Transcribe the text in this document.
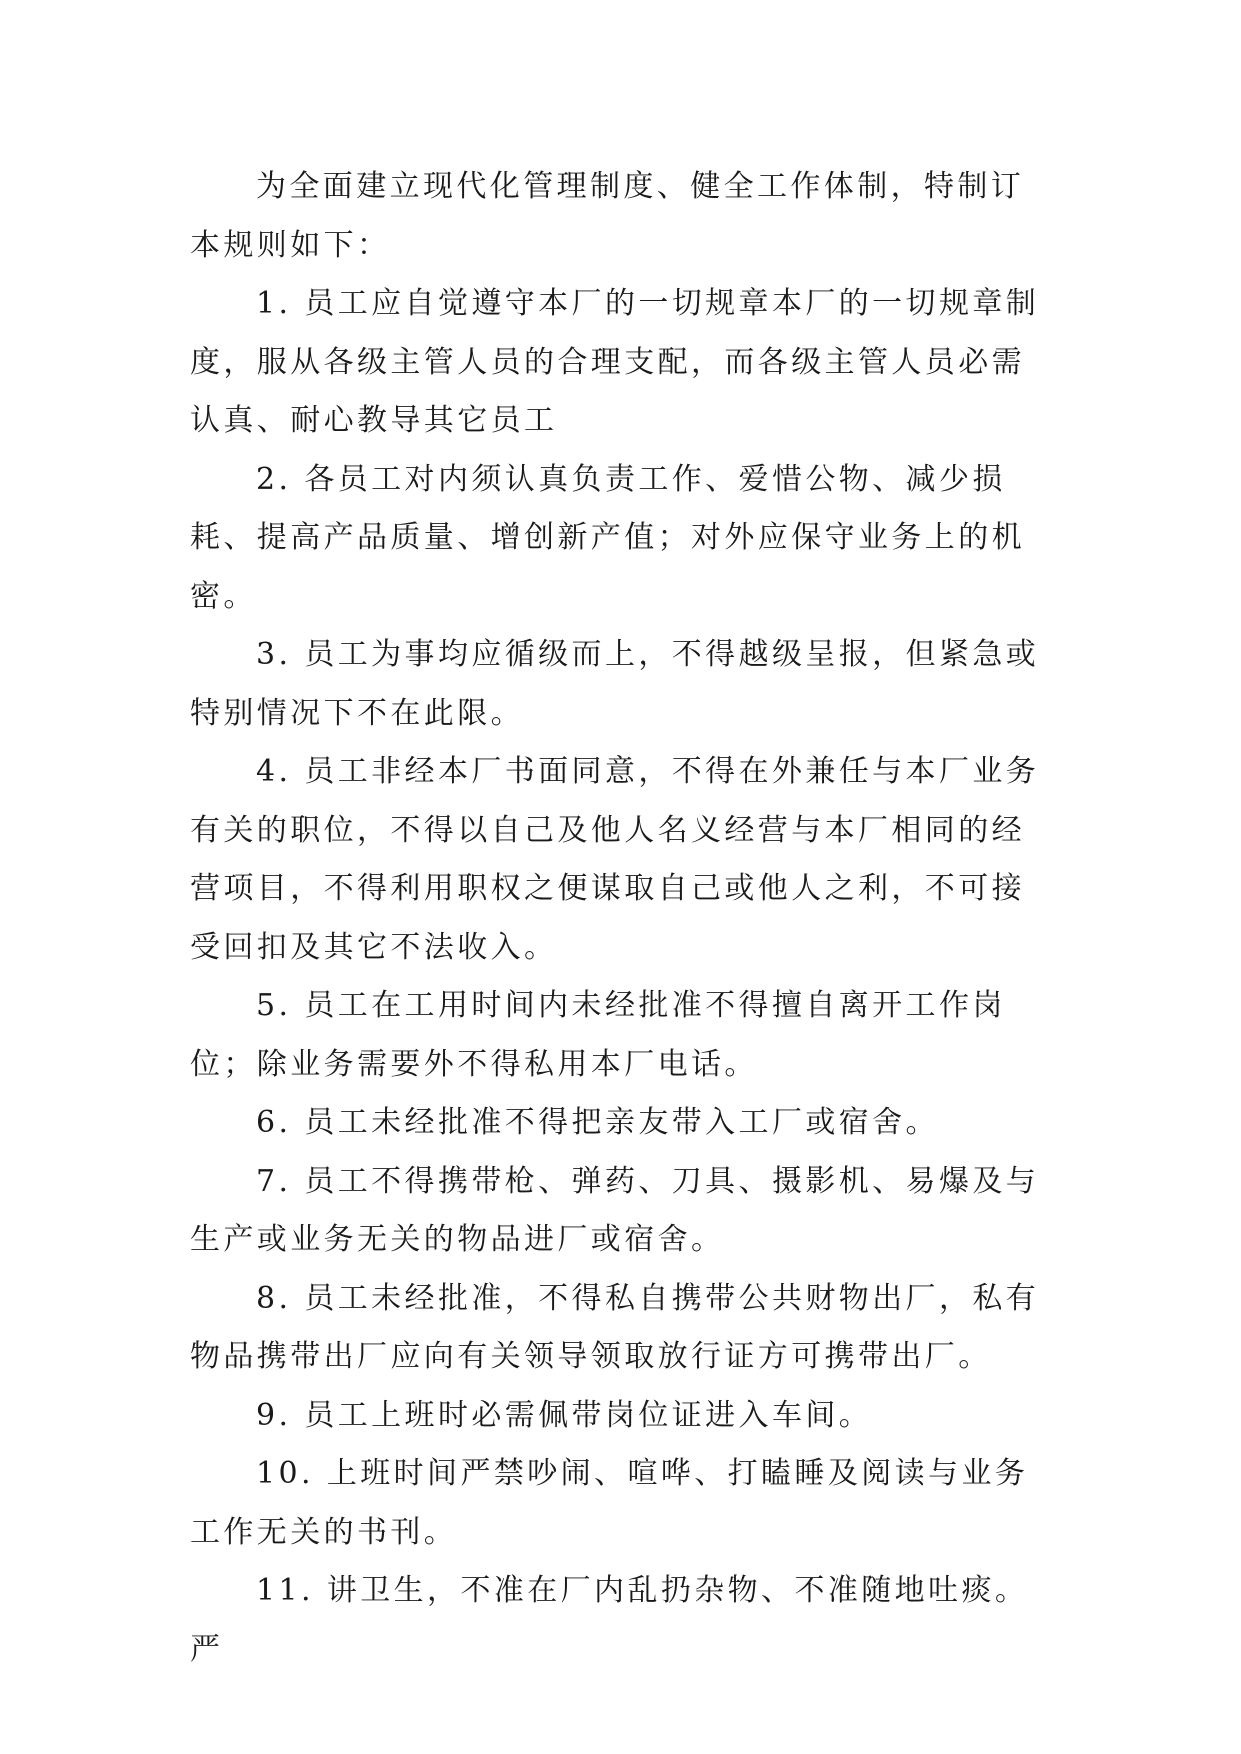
为全面建立现代化管理制度、健全工作体制，特制订本规则如下：

1. 员工应自觉遵守本厂的一切规章本厂的一切规章制度，服从各级主管人员的合理支配，而各级主管人员必需认真、耐心教导其它员工

2. 各员工对内须认真负责工作、爱惜公物、减少损耗、提高产品质量、增创新产值；对外应保守业务上的机密。

3. 员工为事均应循级而上，不得越级呈报，但紧急或特别情况下不在此限。

4. 员工非经本厂书面同意，不得在外兼任与本厂业务有关的职位，不得以自己及他人名义经营与本厂相同的经营项目，不得利用职权之便谋取自己或他人之利，不可接受回扣及其它不法收入。

5. 员工在工用时间内未经批准不得擅自离开工作岗位；除业务需要外不得私用本厂电话。

6. 员工未经批准不得把亲友带入工厂或宿舍。

7. 员工不得携带枪、弹药、刀具、摄影机、易爆及与生产或业务无关的物品进厂或宿舍。

8. 员工未经批准，不得私自携带公共财物出厂，私有物品携带出厂应向有关领导领取放行证方可携带出厂。

9. 员工上班时必需佩带岗位证进入车间。

10. 上班时间严禁吵闹、喧哗、打瞌睡及阅读与业务工作无关的书刊。

11. 讲卫生，不准在厂内乱扔杂物、不准随地吐痰。严
